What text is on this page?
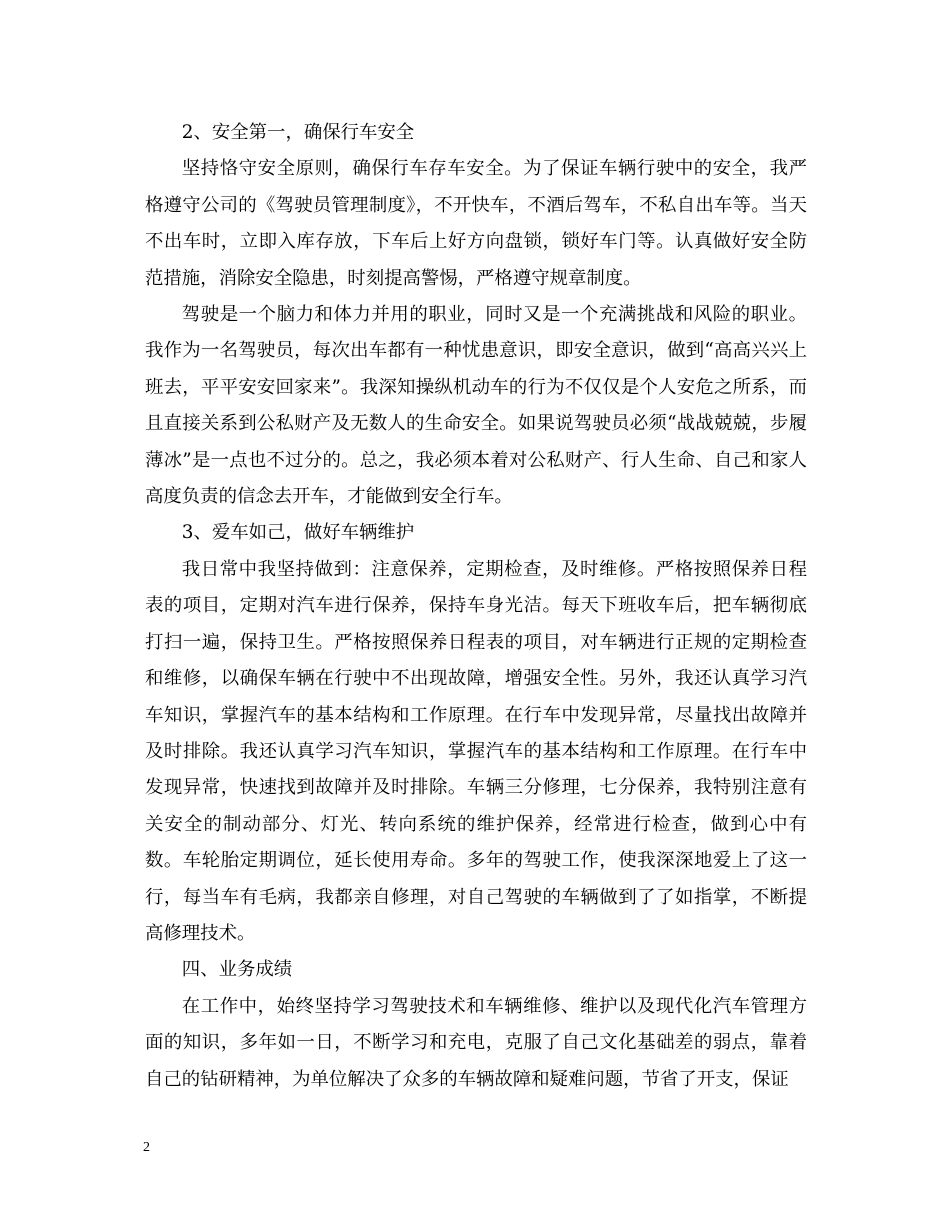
2、安全第一，确保行车安全

坚持恪守安全原则，确保行车存车安全。为了保证车辆行驶中的安全，我严格遵守公司的《驾驶员管理制度》，不开快车，不酒后驾车，不私自出车等。当天不出车时，立即入库存放，下车后上好方向盘锁，锁好车门等。认真做好安全防范措施，消除安全隐患，时刻提高警惕，严格遵守规章制度。

驾驶是一个脑力和体力并用的职业，同时又是一个充满挑战和风险的职业。我作为一名驾驶员，每次出车都有一种忧患意识，即安全意识，做到“高高兴兴上班去，平平安安回家来”。我深知操纵机动车的行为不仅仅是个人安危之所系，而且直接关系到公私财产及无数人的生命安全。如果说驾驶员必须“战战兢兢，步履薄冰”是一点也不过分的。总之，我必须本着对公私财产、行人生命、自己和家人高度负责的信念去开车，才能做到安全行车。

3、爱车如己，做好车辆维护

我日常中我坚持做到：注意保养，定期检查，及时维修。严格按照保养日程表的项目，定期对汽车进行保养，保持车身光洁。每天下班收车后，把车辆彻底打扫一遍，保持卫生。严格按照保养日程表的项目，对车辆进行正规的定期检查和维修，以确保车辆在行驶中不出现故障，增强安全性。另外，我还认真学习汽车知识，掌握汽车的基本结构和工作原理。在行车中发现异常，尽量找出故障并及时排除。我还认真学习汽车知识，掌握汽车的基本结构和工作原理。在行车中发现异常，快速找到故障并及时排除。车辆三分修理，七分保养，我特别注意有关安全的制动部分、灯光、转向系统的维护保养，经常进行检查，做到心中有数。车轮胎定期调位，延长使用寿命。多年的驾驶工作，使我深深地爱上了这一行，每当车有毛病，我都亲自修理，对自己驾驶的车辆做到了了如指掌，不断提高修理技术。

四、业务成绩

在工作中，始终坚持学习驾驶技术和车辆维修、维护以及现代化汽车管理方面的知识，多年如一日，不断学习和充电，克服了自己文化基础差的弱点，靠着自己的钻研精神，为单位解决了众多的车辆故障和疑难问题，节省了开支，保证

2
